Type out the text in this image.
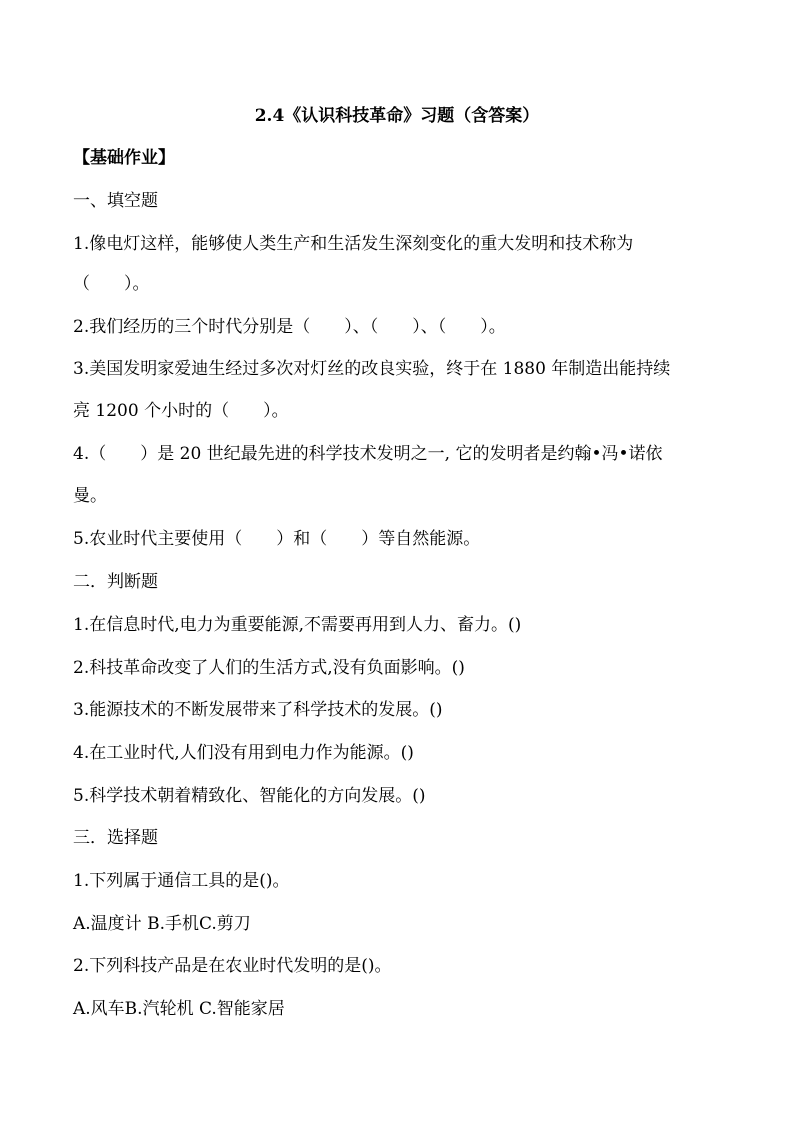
2.4《认识科技革命》习题（含答案）
【基础作业】
一、填空题
1.像电灯这样，能够使人类生产和生活发生深刻变化的重大发明和技术称为
（　　）。
2.我们经历的三个时代分别是（　　）、（　　）、（　　）。
3.美国发明家爱迪生经过多次对灯丝的改良实验，终于在 1880 年制造出能持续
亮 1200 个小时的（　　）。
4.（　　）是 20 世纪最先进的科学技术发明之一, 它的发明者是约翰•冯•诺依
曼。
5.农业时代主要使用（　　）和（　　）等自然能源。
二．判断题
1.在信息时代,电力为重要能源,不需要再用到人力、畜力。()
2.科技革命改变了人们的生活方式,没有负面影响。()
3.能源技术的不断发展带来了科学技术的发展。()
4.在工业时代,人们没有用到电力作为能源。()
5.科学技术朝着精致化、智能化的方向发展。()
三．选择题
1.下列属于通信工具的是()。
A.温度计 B.手机C.剪刀
2.下列科技产品是在农业时代发明的是()。
A.风车B.汽轮机 C.智能家居
